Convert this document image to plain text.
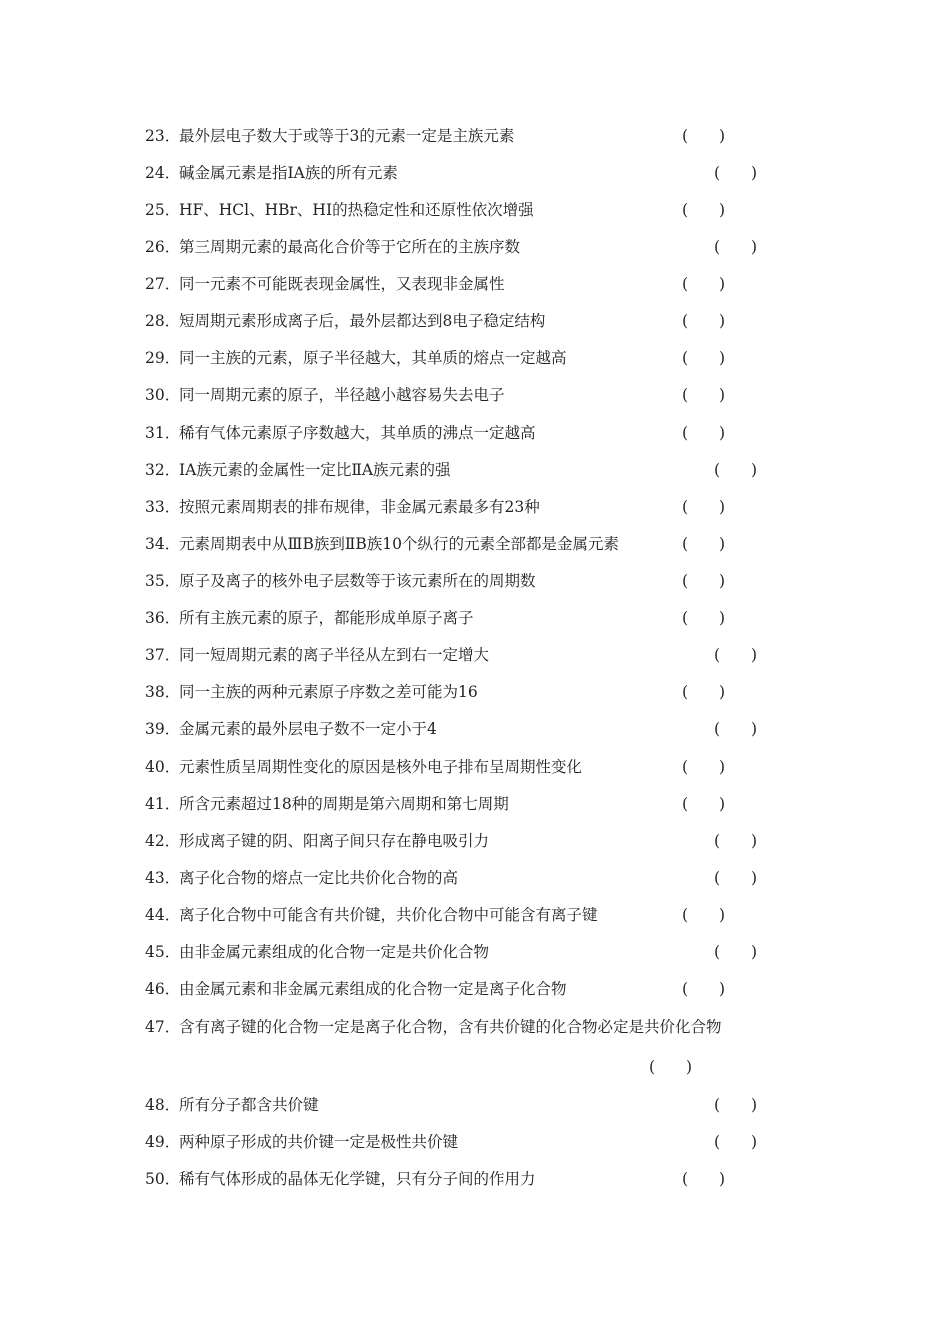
23．最外层电子数大于或等于3的元素一定是主族元素	(　　)
24．碱金属元素是指ⅠA族的所有元素	(　　)
25．HF、HCl、HBr、HI的热稳定性和还原性依次增强	(　　)
26．第三周期元素的最高化合价等于它所在的主族序数	(　　)
27．同一元素不可能既表现金属性，又表现非金属性	(　　)
28．短周期元素形成离子后，最外层都达到8电子稳定结构	(　　)
29．同一主族的元素，原子半径越大，其单质的熔点一定越高	(　　)
30．同一周期元素的原子，半径越小越容易失去电子	(　　)
31．稀有气体元素原子序数越大，其单质的沸点一定越高	(　　)
32．ⅠA族元素的金属性一定比ⅡA族元素的强	(　　)
33．按照元素周期表的排布规律，非金属元素最多有23种	(　　)
34．元素周期表中从ⅢB族到ⅡB族10个纵行的元素全部都是金属元素	(　　)
35．原子及离子的核外电子层数等于该元素所在的周期数	(　　)
36．所有主族元素的原子，都能形成单原子离子	(　　)
37．同一短周期元素的离子半径从左到右一定增大	(　　)
38．同一主族的两种元素原子序数之差可能为16	(　　)
39．金属元素的最外层电子数不一定小于4	(　　)
40．元素性质呈周期性变化的原因是核外电子排布呈周期性变化	(　　)
41．所含元素超过18种的周期是第六周期和第七周期	(　　)
42．形成离子键的阴、阳离子间只存在静电吸引力	(　　)
43．离子化合物的熔点一定比共价化合物的高	(　　)
44．离子化合物中可能含有共价键，共价化合物中可能含有离子键	(　　)
45．由非金属元素组成的化合物一定是共价化合物	(　　)
46．由金属元素和非金属元素组成的化合物一定是离子化合物	(　　)
47．含有离子键的化合物一定是离子化合物，含有共价键的化合物必定是共价化合物
(　　)
48．所有分子都含共价键	(　　)
49．两种原子形成的共价键一定是极性共价键	(　　)
50．稀有气体形成的晶体无化学键，只有分子间的作用力	(　　)
